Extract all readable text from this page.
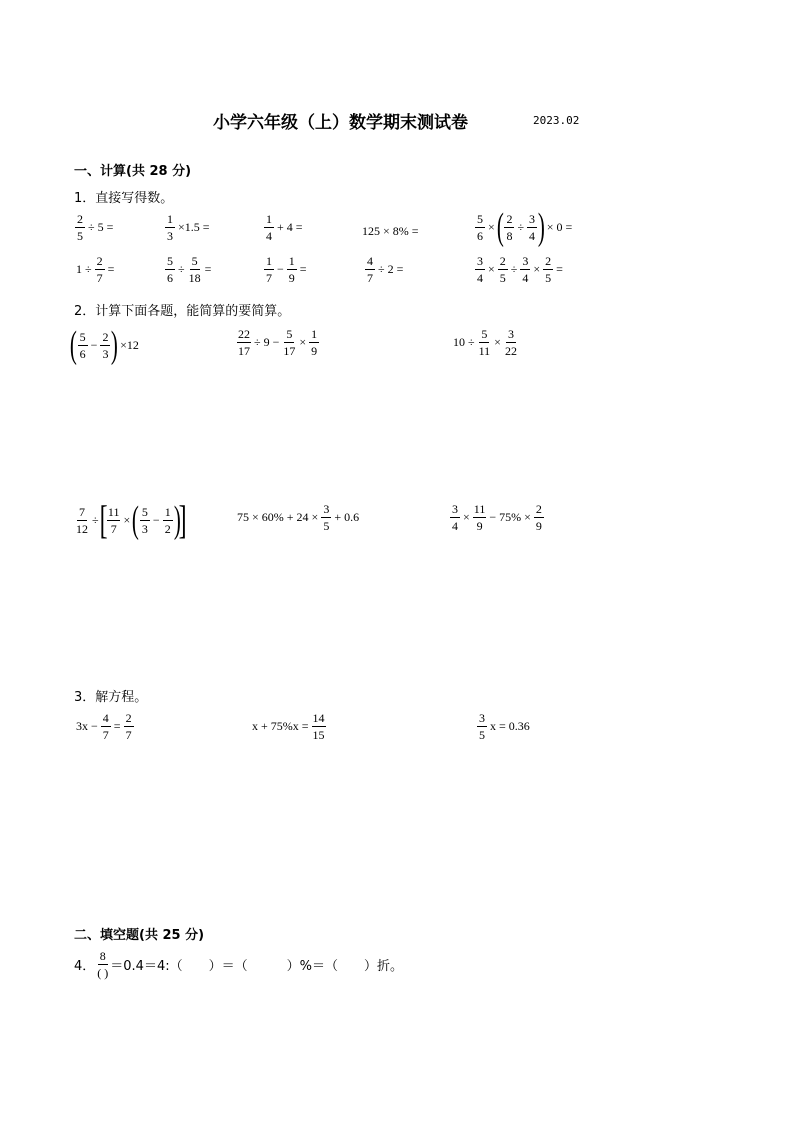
小学六年级（上）数学期末测试卷	2023.02
一、计算(共 28 分)
1．直接写得数。
$\frac{2}{5} \div 5$ =	$\frac{1}{3} \times 1.5$ =
1
4
+ 4 =	125 × 8% =	$\frac{5}{6}$ × ( $\frac{2}{8} \div \frac{3}{4}$ ) × 0 =
$1 \div \frac{2}{7}$ =	$\frac{5}{6} \div \frac{5}{18}$ =
1
7
− $\frac{1}{9}$ =	$\frac{4}{7} \div 2$ =	$\frac{3}{4} \times \frac{2}{5} \div \frac{3}{4} \times \frac{2}{5}$ =
2．计算下面各题，能简算的要简算。
( 5
6
− $\frac{2}{3}$ ) ×12	$\frac{22}{17} \div 9 - \frac{5}{17} \times \frac{1}{9}$	$10 \div \frac{5}{11} \times \frac{3}{22}$
$\frac{7}{12}$ ÷ [ $\frac{11}{7}$ × ( 5
3
− $\frac{1}{2}$ )
]	$75 \times 60\% + 24 \times \frac{3}{5} + 0.6$	$\frac{3}{4} \times \frac{11}{9} - 75\% \times \frac{2}{9}$
3．解方程。
$3x - \frac{4}{7} = \frac{2}{7}$	$x + 75\%x = \frac{14}{15}$	3
5
x = 0.36
二、填空题(共 25 分)
4．
8
( ) ＝0.4＝4:（　　）＝（　　　）%＝（　　）折。
